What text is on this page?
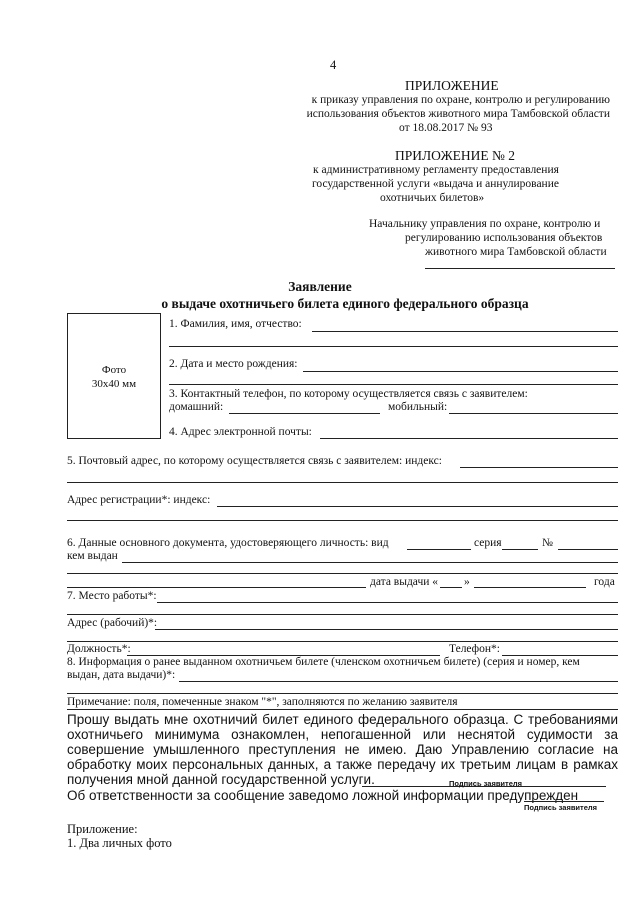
4
ПРИЛОЖЕНИЕ
к приказу управления по охране, контролю и регулированию
использования объектов животного мира Тамбовской области
от 18.08.2017 № 93
ПРИЛОЖЕНИЕ № 2
к административному регламенту предоставления
государственной услуги «выдача и аннулирование
охотничьих билетов»
Начальнику управления по охране, контролю и
регулированию использования объектов
животного мира Тамбовской области
Заявление
о выдаче охотничьего билета единого федерального образца
Фото
30х40 мм
1. Фамилия, имя, отчество:
2. Дата и место рождения:
3. Контактный телефон, по которому осуществляется связь с заявителем:
домашний:	мобильный:
4. Адрес электронной почты:
5. Почтовый адрес, по которому осуществляется связь с заявителем: индекс:
Адрес регистрации*: индекс:
6. Данные основного документа, удостоверяющего личность: вид	серия	№
кем выдан
дата выдачи « »	года
7. Место работы*:
Адрес (рабочий)*:
Должность*:	Телефон*:
8. Информация о ранее выданном охотничьем билете (членском охотничьем билете) (серия и номер, кем
выдан, дата выдачи)*:
Примечание: поля, помеченные знаком "*", заполняются по желанию заявителя
Прошу выдать мне охотничий билет единого федерального образца. С требованиями
охотничьего минимума ознакомлен, непогашенной или неснятой судимости за
совершение умышленного преступления не имею. Даю Управлению согласие на
обработку моих персональных данных, а также передачу их третьим лицам в рамках
получения мной данной государственной услуги.	Подпись заявителя
Об ответственности за сообщение заведомо ложной информации предупрежден
Подпись заявителя
Приложение:
1. Два личных фото
